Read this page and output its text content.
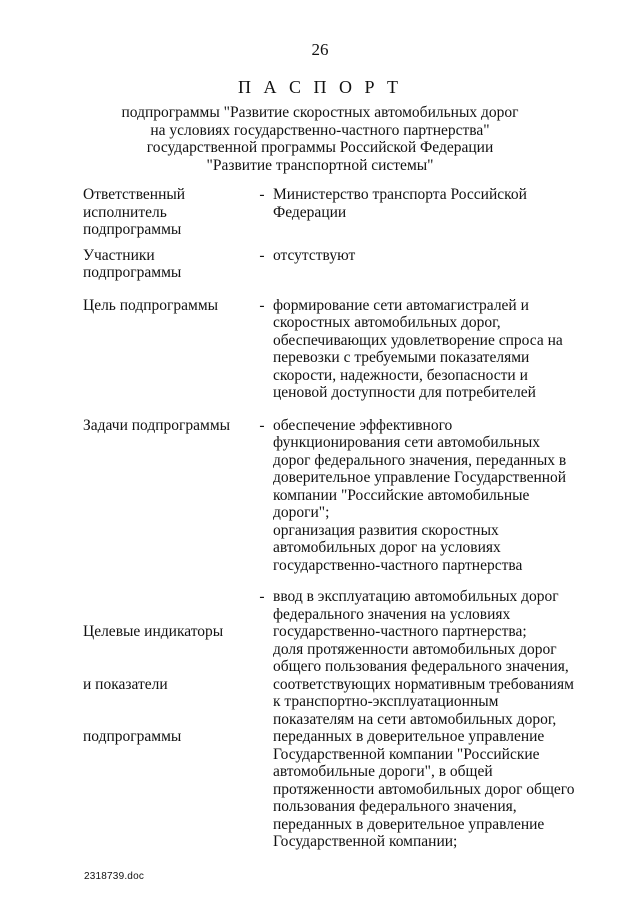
26
П А С П О Р Т
подпрограммы "Развитие скоростных автомобильных дорог
на условиях государственно-частного партнерства"
государственной программы Российской Федерации
"Развитие транспортной системы"
Ответственный
исполнитель
подпрограммы
- Министерство транспорта Российской
Федерации
Участники
подпрограммы
- отсутствуют
Цель подпрограммы	- формирование сети автомагистралей и
скоростных автомобильных дорог,
обеспечивающих удовлетворение спроса на
перевозки с требуемыми показателями
скорости, надежности, безопасности и
ценовой доступности для потребителей
Задачи подпрограммы	- обеспечение эффективного
функционирования сети автомобильных
дорог федерального значения, переданных в
доверительное управление Государственной
компании "Российские автомобильные
дороги";
организация развития скоростных
автомобильных дорог на условиях
государственно-частного партнерства

Целевые индикаторы

и показатели

подпрограммы

- ввод в эксплуатацию автомобильных дорог
федерального значения на условиях
государственно-частного партнерства;
доля протяженности автомобильных дорог
общего пользования федерального значения,
соответствующих нормативным требованиям
к транспортно-эксплуатационным
показателям на сети автомобильных дорог,
переданных в доверительное управление
Государственной компании "Российские
автомобильные дороги", в общей
протяженности автомобильных дорог общего
пользования федерального значения,
переданных в доверительное управление
Государственной компании;
2318739.doc
